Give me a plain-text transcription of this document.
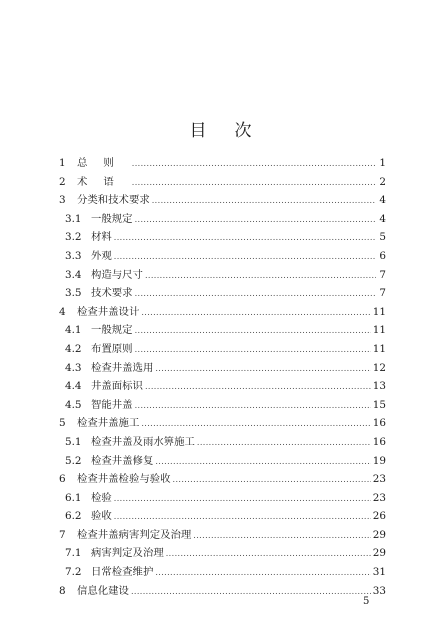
目 次
1	总则 .....	1
2	术语 .....	2
3	分类和技术要求 .....	4
3.1 一般规定 .....	4
3.2 材料 .....	5
3.3 外观 .....	6
3.4 构造与尺寸 .....	7
3.5 技术要求 .....	7
4	检查井盖设计 .....	11
4.1 一般规定 .....	11
4.2 布置原则 .....	11
4.3 检查井盖选用 .....	12
4.4 井盖面标识 .....	13
4.5 智能井盖 .....	15
5	检查井盖施工 .....	16
5.1 检查井盖及雨水箅施工 .....	16
5.2 检查井盖修复 .....	19
6	检查井盖检验与验收 .....	23
6.1 检验 .....	23
6.2 验收 .....	26
7	检查井盖病害判定及治理 .....	29
7.1 病害判定及治理 .....	29
7.2 日常检查维护 .....	31
8	信息化建设 .....	33
5
